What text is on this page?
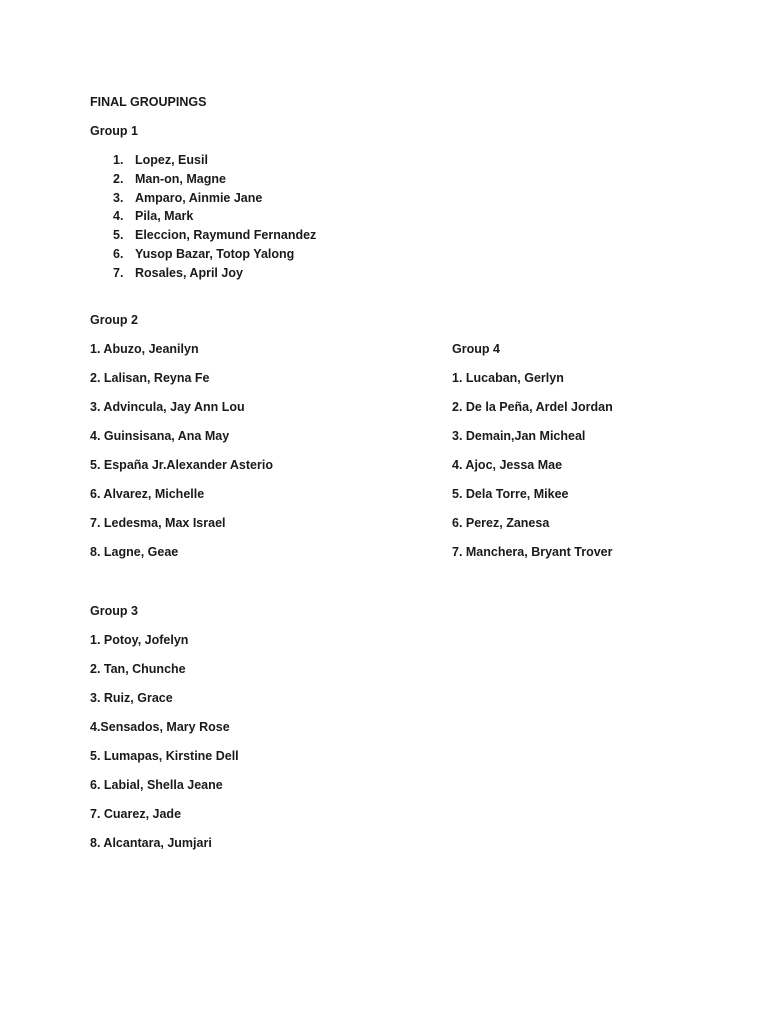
FINAL GROUPINGS
Group 1
1. Lopez, Eusil
2. Man-on, Magne
3. Amparo, Ainmie Jane
4. Pila, Mark
5. Eleccion, Raymund Fernandez
6. Yusop Bazar, Totop Yalong
7. Rosales, April Joy
Group 2
1. Abuzo, Jeanilyn
2. Lalisan, Reyna Fe
3. Advincula, Jay Ann Lou
4. Guinsisana, Ana May
5. España Jr.Alexander Asterio
6. Alvarez, Michelle
7. Ledesma, Max Israel
8. Lagne, Geae
Group 4
1. Lucaban, Gerlyn
2. De la Peña, Ardel Jordan
3. Demain,Jan Micheal
4. Ajoc, Jessa Mae
5. Dela Torre, Mikee
6. Perez, Zanesa
7. Manchera, Bryant Trover
Group 3
1. Potoy, Jofelyn
2. Tan, Chunche
3. Ruiz, Grace
4.Sensados, Mary Rose
5. Lumapas, Kirstine Dell
6. Labial, Shella Jeane
7. Cuarez, Jade
8. Alcantara, Jumjari
